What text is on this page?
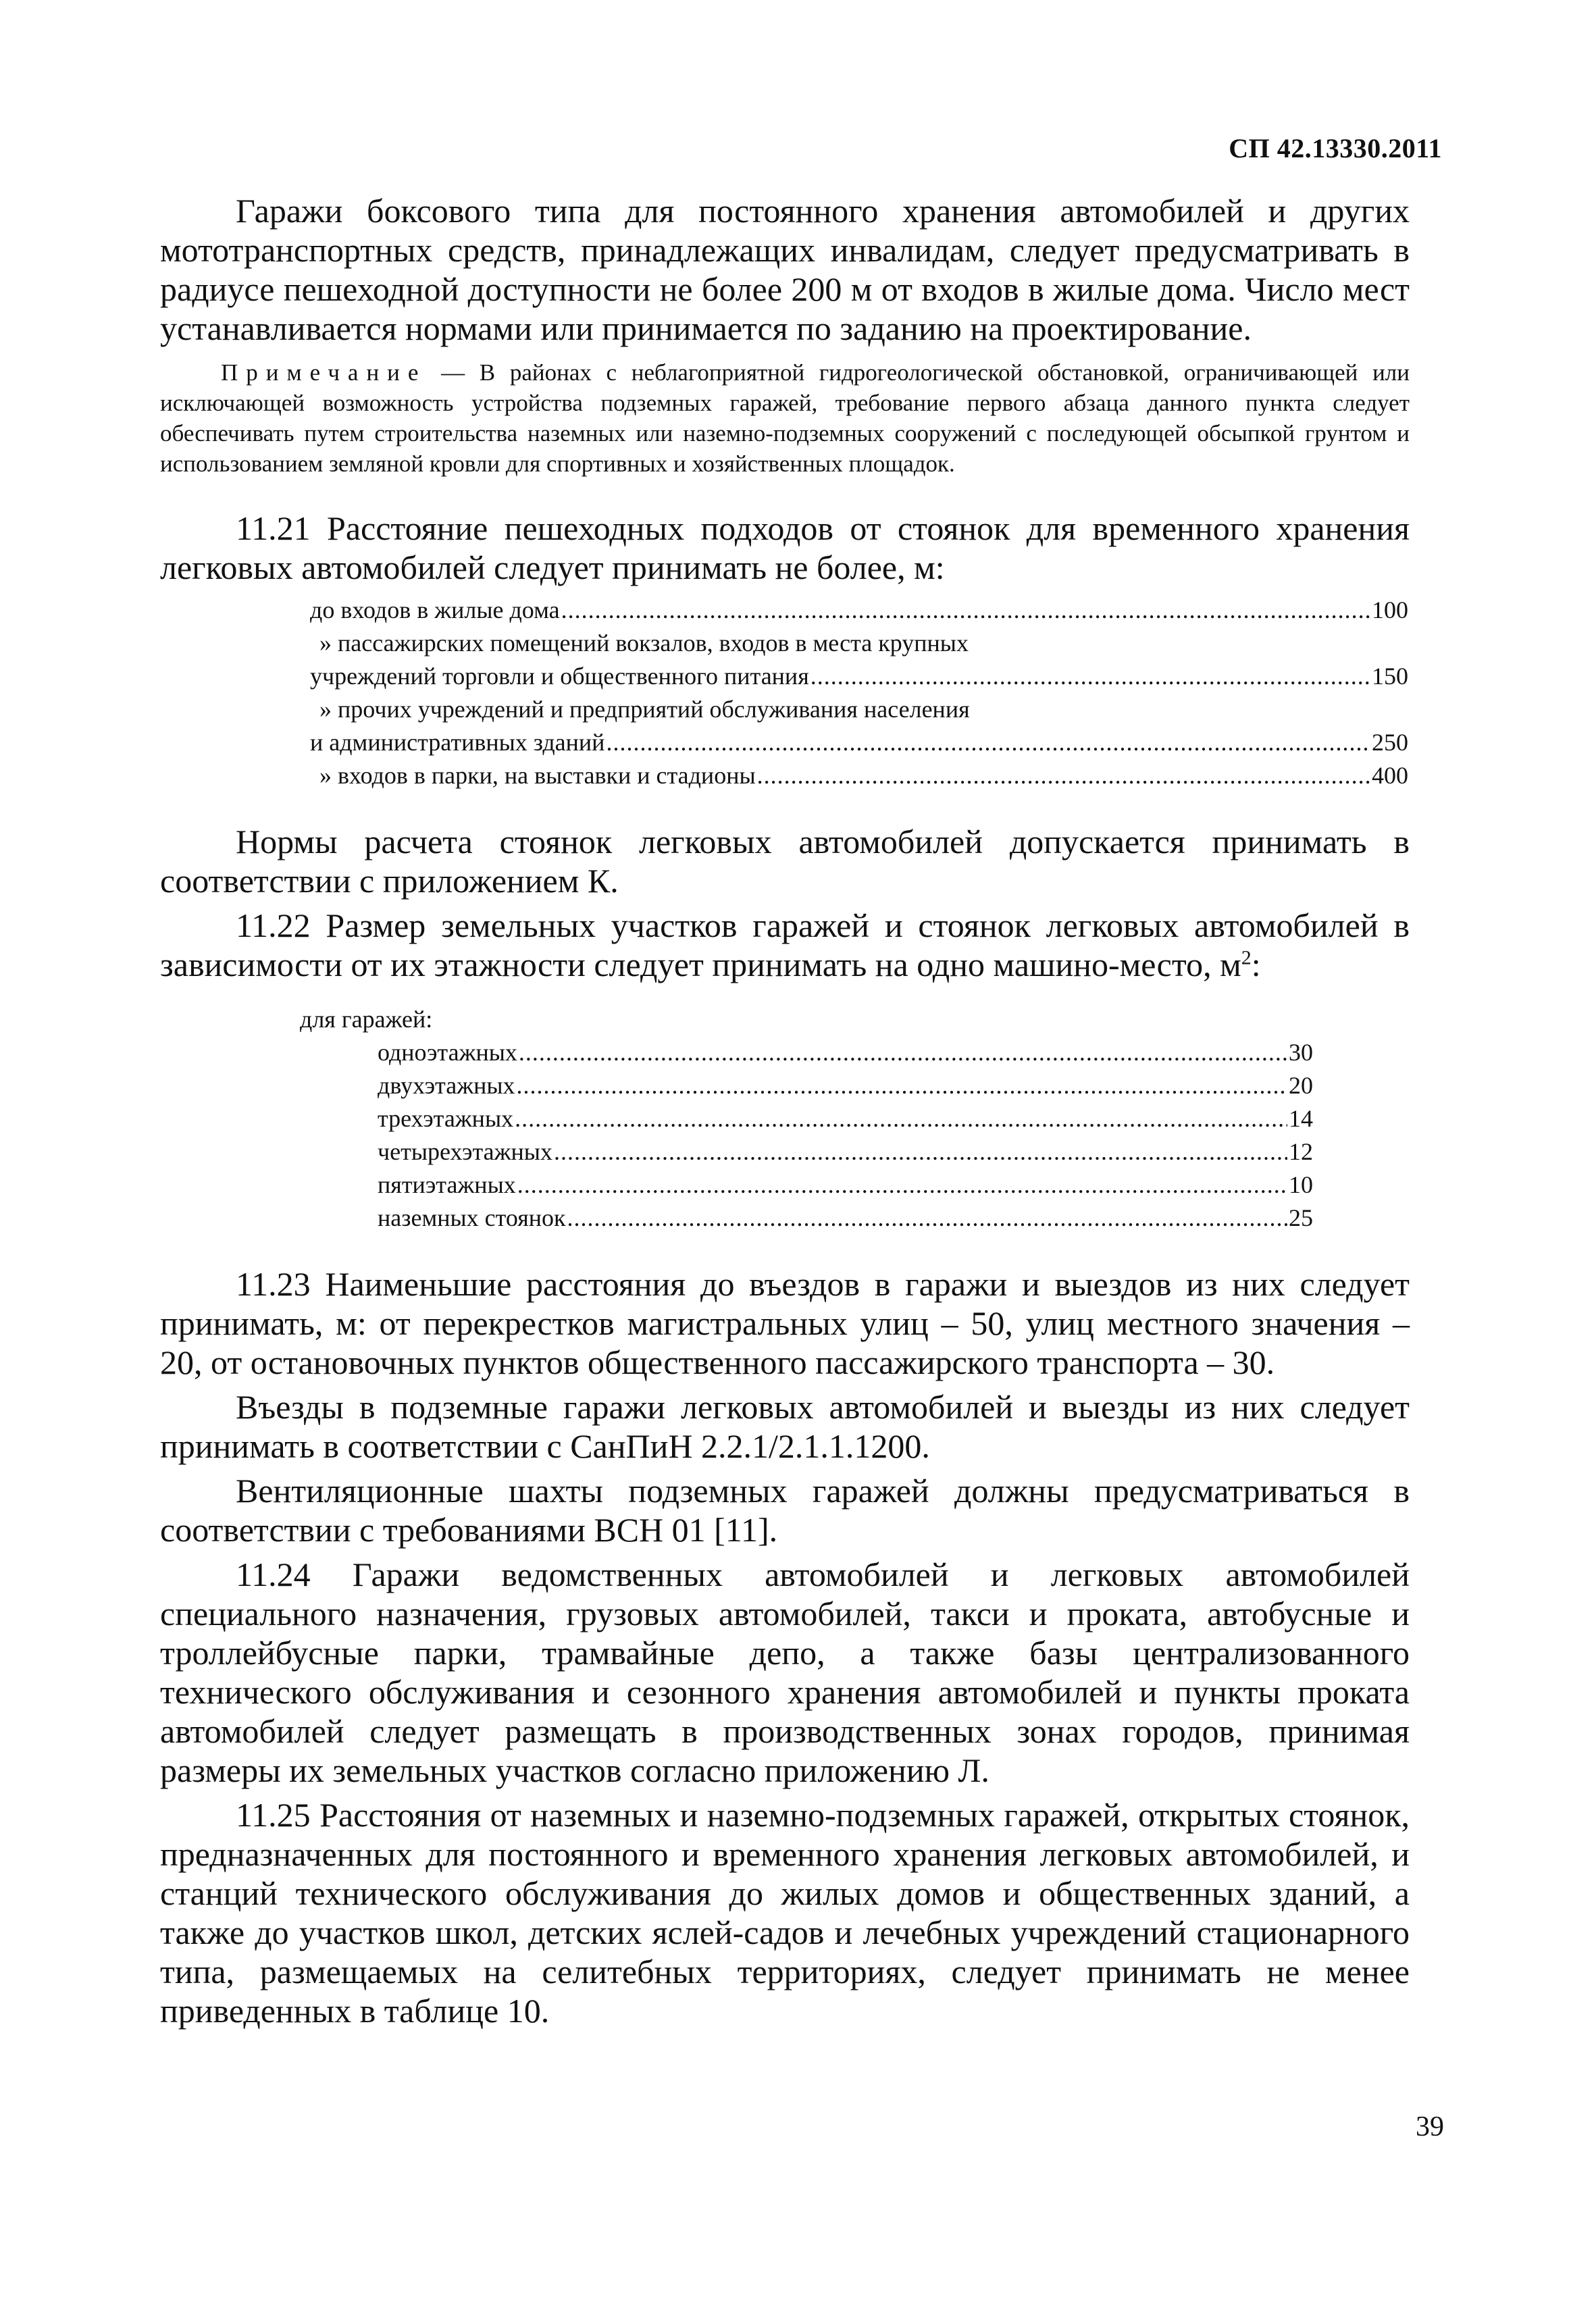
СП 42.13330.2011

Гаражи боксового типа для постоянного хранения автомобилей и других мототранспортных средств, принадлежащих инвалидам, следует предусматривать в радиусе пешеходной доступности не более 200 м от входов в жилые дома. Число мест устанавливается нормами или принимается по заданию на проектирование.

Примечание — В районах с неблагоприятной гидрогеологической обстановкой, ограничивающей или исключающей возможность устройства подземных гаражей, требование первого абзаца данного пункта следует обеспечивать путем строительства наземных или наземно-подземных сооружений с последующей обсыпкой грунтом и использованием земляной кровли для спортивных и хозяйственных площадок.

11.21 Расстояние пешеходных подходов от стоянок для временного хранения легковых автомобилей следует принимать не более, м:

до входов в жилые дома .....	100
» пассажирских помещений вокзалов, входов в места крупных
учреждений торговли и общественного питания .....	150
» прочих учреждений и предприятий обслуживания населения
и административных зданий .....	250
» входов в парки, на выставки и стадионы .....	400

Нормы расчета стоянок легковых автомобилей допускается принимать в соответствии с приложением К.

11.22 Размер земельных участков гаражей и стоянок легковых автомобилей в зависимости от их этажности следует принимать на одно машино-место, $м^2$:

для гаражей:
одноэтажных .....	30
двухэтажных .....	20
трехэтажных .....	14
четырехэтажных .....	12
пятиэтажных .....	10
наземных стоянок .....	25

11.23 Наименьшие расстояния до въездов в гаражи и выездов из них следует принимать, м: от перекрестков магистральных улиц – 50, улиц местного значения – 20, от остановочных пунктов общественного пассажирского транспорта – 30.

Въезды в подземные гаражи легковых автомобилей и выезды из них следует принимать в соответствии с СанПиН 2.2.1/2.1.1.1200.

Вентиляционные шахты подземных гаражей должны предусматриваться в соответствии с требованиями ВСН 01 [11].

11.24 Гаражи ведомственных автомобилей и легковых автомобилей специального назначения, грузовых автомобилей, такси и проката, автобусные и троллейбусные парки, трамвайные депо, а также базы централизованного технического обслуживания и сезонного хранения автомобилей и пункты проката автомобилей следует размещать в производственных зонах городов, принимая размеры их земельных участков согласно приложению Л.

11.25 Расстояния от наземных и наземно-подземных гаражей, открытых стоянок, предназначенных для постоянного и временного хранения легковых автомобилей, и станций технического обслуживания до жилых домов и общественных зданий, а также до участков школ, детских яслей-садов и лечебных учреждений стационарного типа, размещаемых на селитебных территориях, следует принимать не менее приведенных в таблице 10.

39
